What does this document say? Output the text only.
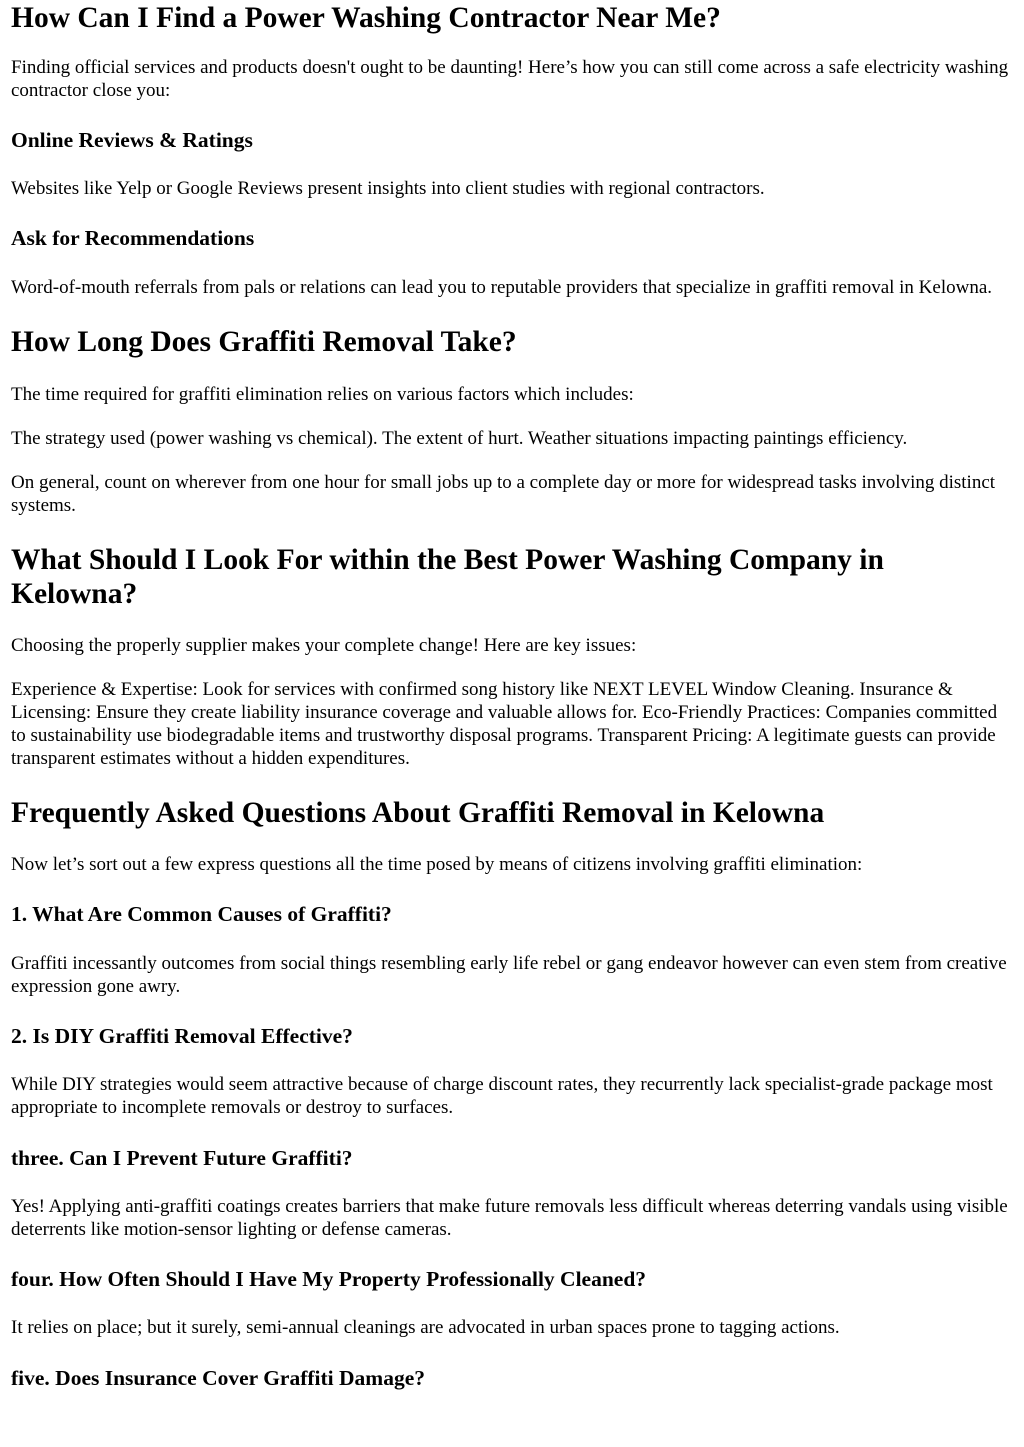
How Can I Find a Power Washing Contractor Near Me?

Finding official services and products doesn't ought to be daunting! Here’s how you can still come across a safe electricity washing contractor close you:

Online Reviews & Ratings

Websites like Yelp or Google Reviews present insights into client studies with regional contractors.

Ask for Recommendations

Word-of-mouth referrals from pals or relations can lead you to reputable providers that specialize in graffiti removal in Kelowna.

How Long Does Graffiti Removal Take?

The time required for graffiti elimination relies on various factors which includes:

The strategy used (power washing vs chemical). The extent of hurt. Weather situations impacting paintings efficiency.

On general, count on wherever from one hour for small jobs up to a complete day or more for widespread tasks involving distinct systems.

What Should I Look For within the Best Power Washing Company in Kelowna?

Choosing the properly supplier makes your complete change! Here are key issues:

Experience & Expertise: Look for services with confirmed song history like NEXT LEVEL Window Cleaning. Insurance & Licensing: Ensure they create liability insurance coverage and valuable allows for. Eco-Friendly Practices: Companies committed to sustainability use biodegradable items and trustworthy disposal programs. Transparent Pricing: A legitimate guests can provide transparent estimates without a hidden expenditures.

Frequently Asked Questions About Graffiti Removal in Kelowna

Now let’s sort out a few express questions all the time posed by means of citizens involving graffiti elimination:

1. What Are Common Causes of Graffiti?

Graffiti incessantly outcomes from social things resembling early life rebel or gang endeavor however can even stem from creative expression gone awry.

2. Is DIY Graffiti Removal Effective?

While DIY strategies would seem attractive because of charge discount rates, they recurrently lack specialist-grade package most appropriate to incomplete removals or destroy to surfaces.

three. Can I Prevent Future Graffiti?

Yes! Applying anti-graffiti coatings creates barriers that make future removals less difficult whereas deterring vandals using visible deterrents like motion-sensor lighting or defense cameras.

four. How Often Should I Have My Property Professionally Cleaned?

It relies on place; but it surely, semi-annual cleanings are advocated in urban spaces prone to tagging actions.

five. Does Insurance Cover Graffiti Damage?
